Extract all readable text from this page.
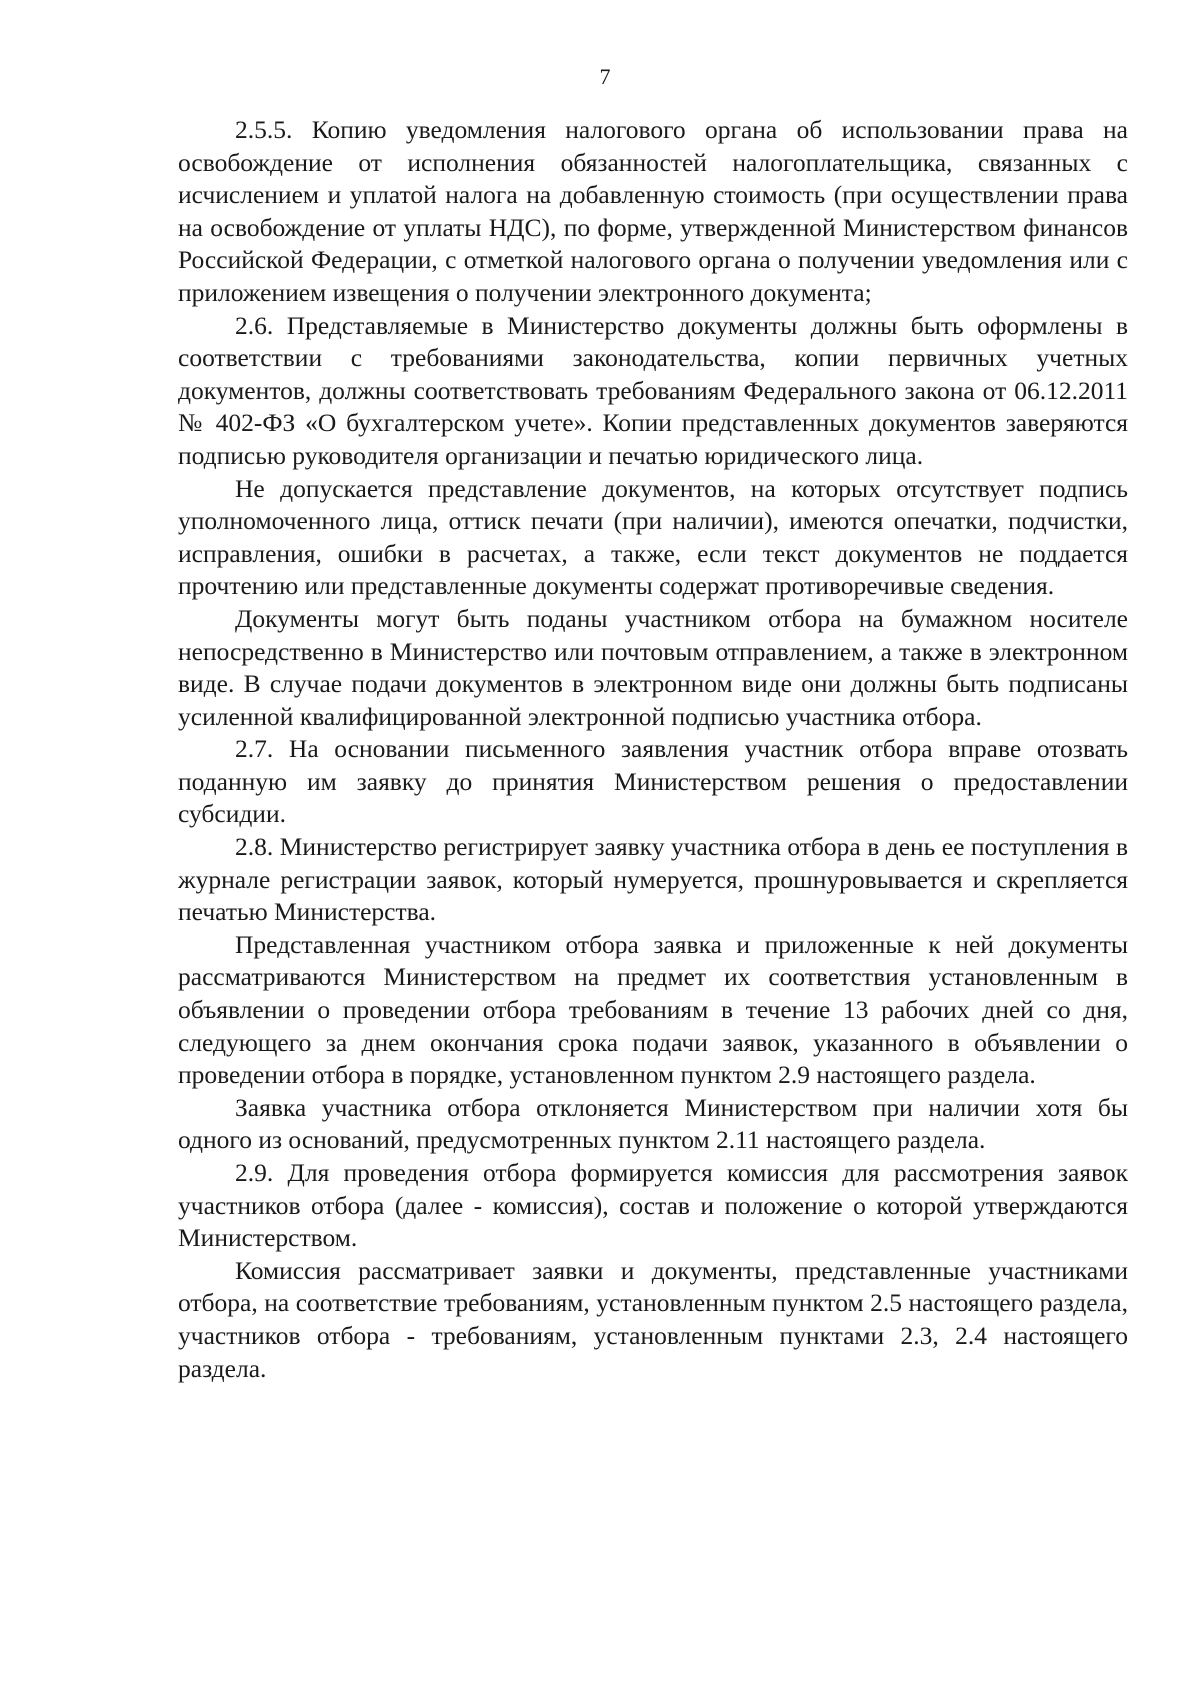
7

2.5.5. Копию уведомления налогового органа об использовании права на освобождение от исполнения обязанностей налогоплательщика, связанных с исчислением и уплатой налога на добавленную стоимость (при осуществлении права на освобождение от уплаты НДС), по форме, утвержденной Министерством финансов Российской Федерации, с отметкой налогового органа о получении уведомления или с приложением извещения о получении электронного документа;

2.6. Представляемые в Министерство документы должны быть оформлены в соответствии с требованиями законодательства, копии первичных учетных документов, должны соответствовать требованиям Федерального закона от 06.12.2011 № 402-ФЗ «О бухгалтерском учете». Копии представленных документов заверяются подписью руководителя организации и печатью юридического лица.

Не допускается представление документов, на которых отсутствует подпись уполномоченного лица, оттиск печати (при наличии), имеются опечатки, подчистки, исправления, ошибки в расчетах, а также, если текст документов не поддается прочтению или представленные документы содержат противоречивые сведения.

Документы могут быть поданы участником отбора на бумажном носителе непосредственно в Министерство или почтовым отправлением, а также в электронном виде. В случае подачи документов в электронном виде они должны быть подписаны усиленной квалифицированной электронной подписью участника отбора.

2.7. На основании письменного заявления участник отбора вправе отозвать поданную им заявку до принятия Министерством решения о предоставлении субсидии.

2.8. Министерство регистрирует заявку участника отбора в день ее поступления в журнале регистрации заявок, который нумеруется, прошнуровывается и скрепляется печатью Министерства.

Представленная участником отбора заявка и приложенные к ней документы рассматриваются Министерством на предмет их соответствия установленным в объявлении о проведении отбора требованиям в течение 13 рабочих дней со дня, следующего за днем окончания срока подачи заявок, указанного в объявлении о проведении отбора в порядке, установленном пунктом 2.9 настоящего раздела.

Заявка участника отбора отклоняется Министерством при наличии хотя бы одного из оснований, предусмотренных пунктом 2.11 настоящего раздела.

2.9. Для проведения отбора формируется комиссия для рассмотрения заявок участников отбора (далее - комиссия), состав и положение о которой утверждаются Министерством.

Комиссия рассматривает заявки и документы, представленные участниками отбора, на соответствие требованиям, установленным пунктом 2.5 настоящего раздела, участников отбора - требованиям, установленным пунктами 2.3, 2.4 настоящего раздела.
